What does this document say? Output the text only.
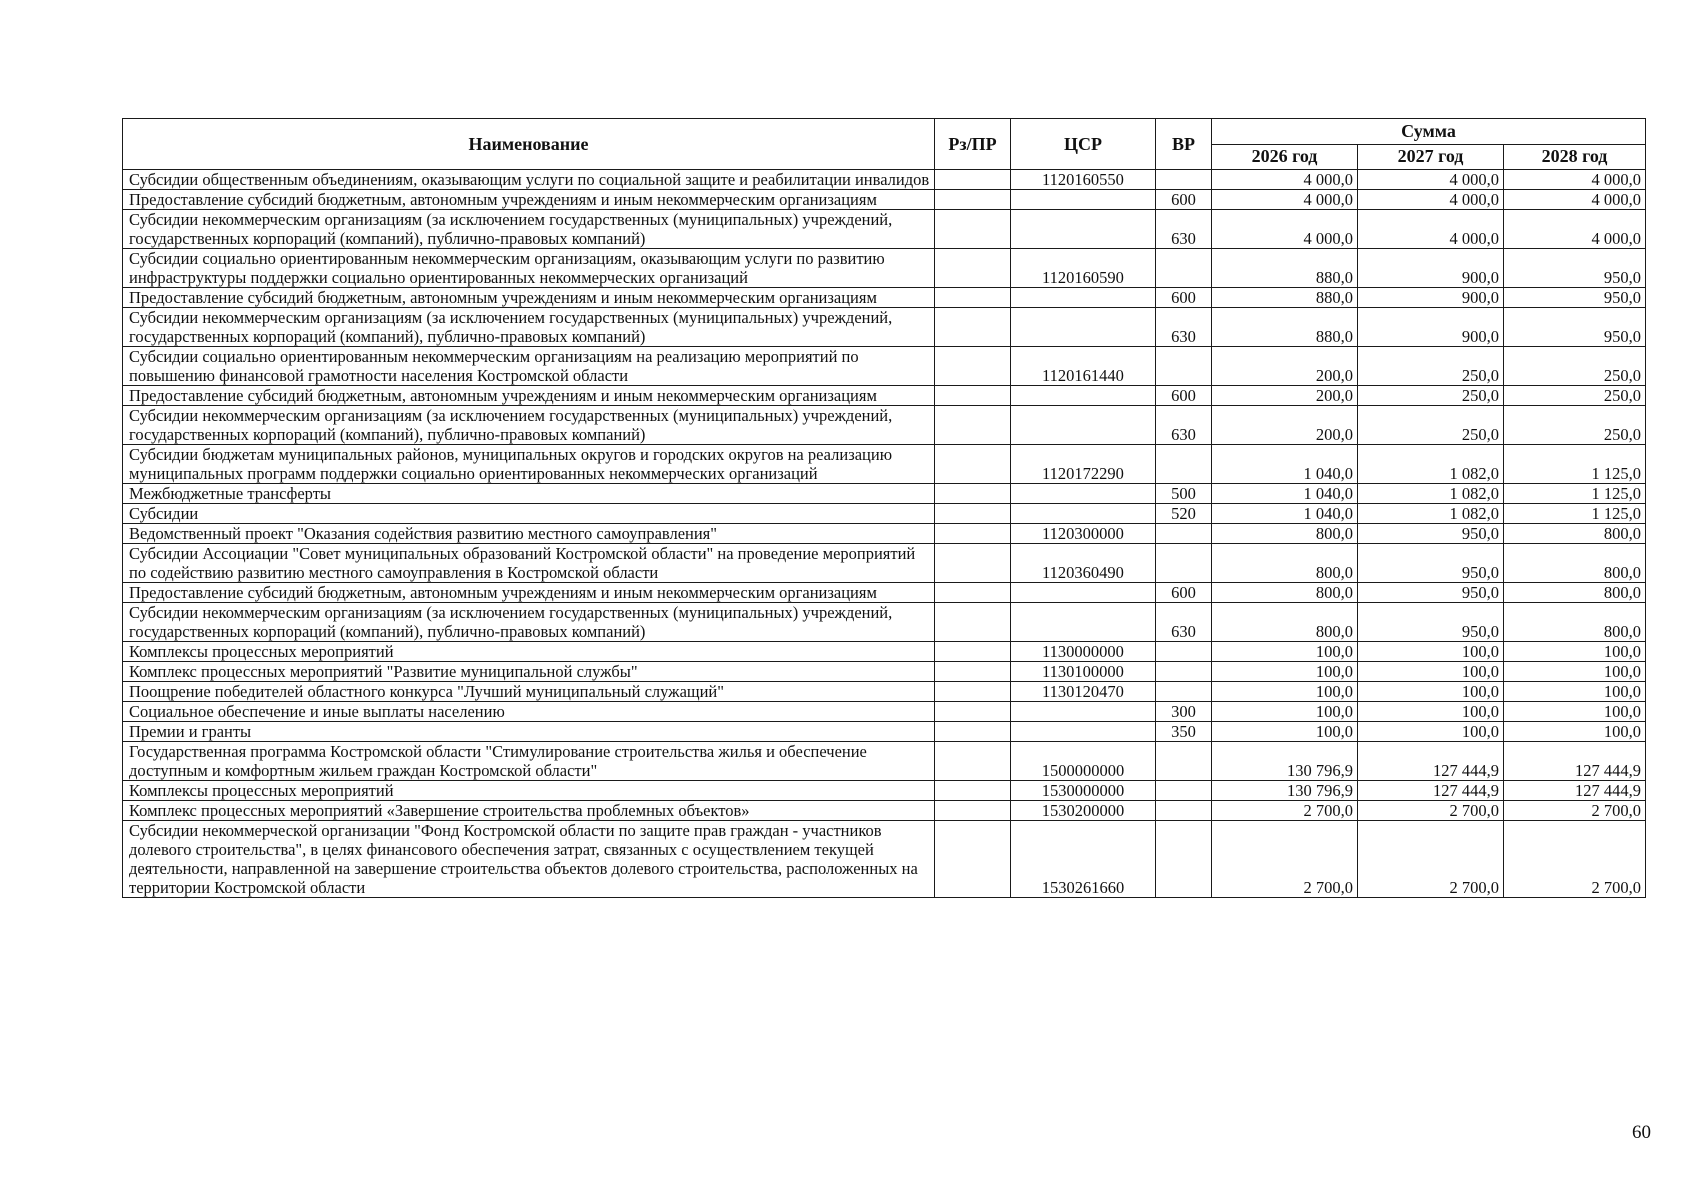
Наименование	Рз/ПР	ЦСР	ВР	Сумма		
				2026 год	2027 год	2028 год
Субсидии общественным объединениям, оказывающим услуги по социальной защите и реабилитации инвалидов		1120160550		4 000,0	4 000,0	4 000,0
Предоставление субсидий бюджетным, автономным учреждениям и иным некоммерческим организациям			600	4 000,0	4 000,0	4 000,0
Субсидии некоммерческим организациям (за исключением государственных (муниципальных) учреждений, государственных корпораций (компаний), публично-правовых компаний)			630	4 000,0	4 000,0	4 000,0
Субсидии социально ориентированным некоммерческим организациям, оказывающим услуги по развитию инфраструктуры поддержки социально ориентированных некоммерческих организаций		1120160590		880,0	900,0	950,0
Предоставление субсидий бюджетным, автономным учреждениям и иным некоммерческим организациям			600	880,0	900,0	950,0
Субсидии некоммерческим организациям (за исключением государственных (муниципальных) учреждений, государственных корпораций (компаний), публично-правовых компаний)			630	880,0	900,0	950,0
Субсидии социально ориентированным некоммерческим организациям на реализацию мероприятий по повышению финансовой грамотности населения Костромской области		1120161440		200,0	250,0	250,0
Предоставление субсидий бюджетным, автономным учреждениям и иным некоммерческим организациям			600	200,0	250,0	250,0
Субсидии некоммерческим организациям (за исключением государственных (муниципальных) учреждений, государственных корпораций (компаний), публично-правовых компаний)			630	200,0	250,0	250,0
Субсидии бюджетам муниципальных районов, муниципальных округов и городских округов на реализацию муниципальных программ поддержки социально ориентированных некоммерческих организаций		1120172290		1 040,0	1 082,0	1 125,0
Межбюджетные трансферты			500	1 040,0	1 082,0	1 125,0
Субсидии			520	1 040,0	1 082,0	1 125,0
Ведомственный проект "Оказания содействия развитию местного самоуправления"		1120300000		800,0	950,0	800,0
Субсидии Ассоциации "Совет муниципальных образований Костромской области" на проведение мероприятий по содействию развитию местного самоуправления в Костромской области		1120360490		800,0	950,0	800,0
Предоставление субсидий бюджетным, автономным учреждениям и иным некоммерческим организациям			600	800,0	950,0	800,0
Субсидии некоммерческим организациям (за исключением государственных (муниципальных) учреждений, государственных корпораций (компаний), публично-правовых компаний)			630	800,0	950,0	800,0
Комплексы процессных мероприятий		1130000000		100,0	100,0	100,0
Комплекс процессных мероприятий "Развитие муниципальной службы"		1130100000		100,0	100,0	100,0
Поощрение победителей областного конкурса "Лучший муниципальный служащий"		1130120470		100,0	100,0	100,0
Социальное обеспечение и иные выплаты населению			300	100,0	100,0	100,0
Премии и гранты			350	100,0	100,0	100,0
Государственная программа Костромской области "Стимулирование строительства жилья и обеспечение доступным и комфортным жильем граждан Костромской области"		1500000000		130 796,9	127 444,9	127 444,9
Комплексы процессных мероприятий		1530000000		130 796,9	127 444,9	127 444,9
Комплекс процессных мероприятий «Завершение строительства проблемных объектов»		1530200000		2 700,0	2 700,0	2 700,0
Субсидии некоммерческой организации "Фонд Костромской области по защите прав граждан - участников долевого строительства", в целях финансового обеспечения затрат, связанных с осуществлением текущей деятельности, направленной на завершение строительства объектов долевого строительства, расположенных на территории Костромской области		1530261660		2 700,0	2 700,0	2 700,0
60
